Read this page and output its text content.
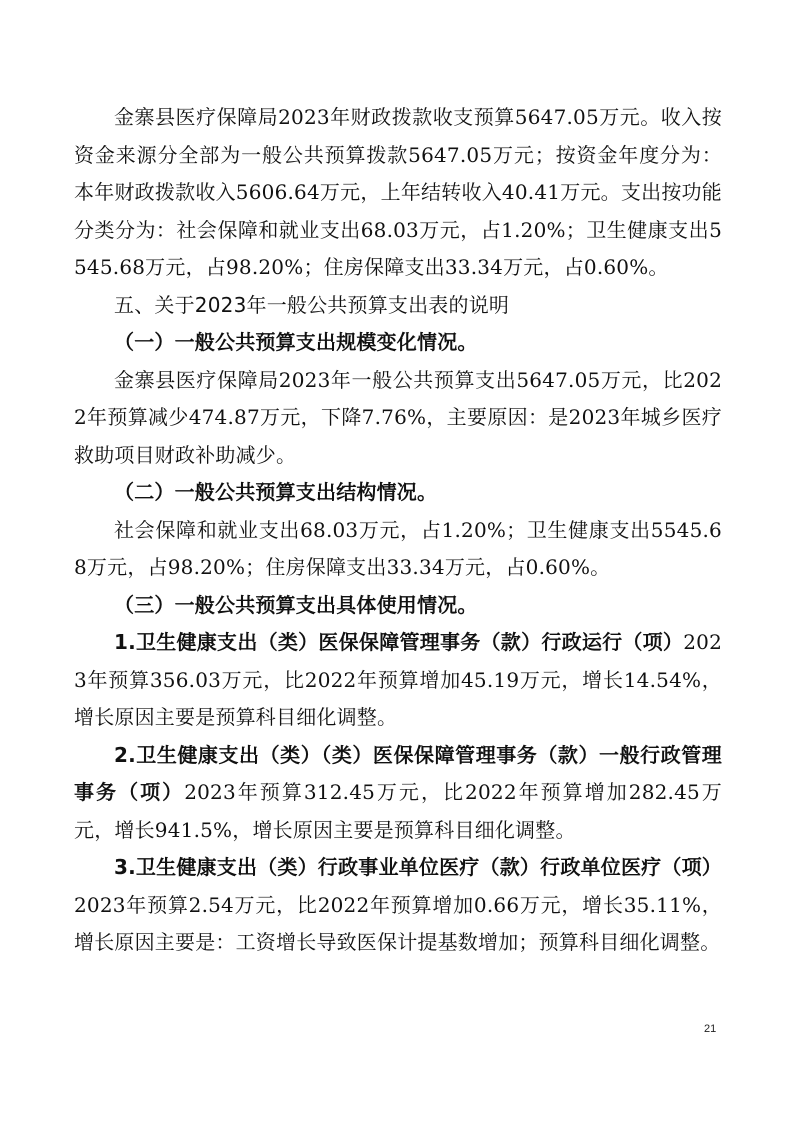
金寨县医疗保障局2023年财政拨款收支预算5647.05万元。收入按资金来源分全部为一般公共预算拨款5647.05万元；按资金年度分为：本年财政拨款收入5606.64万元，上年结转收入40.41万元。支出按功能分类分为：社会保障和就业支出68.03万元，占1.20%；卫生健康支出5545.68万元，占98.20%；住房保障支出33.34万元，占0.60%。

五、关于2023年一般公共预算支出表的说明

（一）一般公共预算支出规模变化情况。

金寨县医疗保障局2023年一般公共预算支出5647.05万元，比2022年预算减少474.87万元，下降7.76%，主要原因：是2023年城乡医疗救助项目财政补助减少。

（二）一般公共预算支出结构情况。

社会保障和就业支出68.03万元，占1.20%；卫生健康支出5545.68万元，占98.20%；住房保障支出33.34万元，占0.60%。

（三）一般公共预算支出具体使用情况。

1.卫生健康支出（类）医保保障管理事务（款）行政运行（项）2023年预算356.03万元，比2022年预算增加45.19万元，增长14.54%，增长原因主要是预算科目细化调整。

2.卫生健康支出（类）（类）医保保障管理事务（款）一般行政管理事务（项）2023年预算312.45万元，比2022年预算增加282.45万元，增长941.5%，增长原因主要是预算科目细化调整。

3.卫生健康支出（类）行政事业单位医疗（款）行政单位医疗（项）2023年预算2.54万元，比2022年预算增加0.66万元，增长35.11%，增长原因主要是：工资增长导致医保计提基数增加；预算科目细化调整。

21
